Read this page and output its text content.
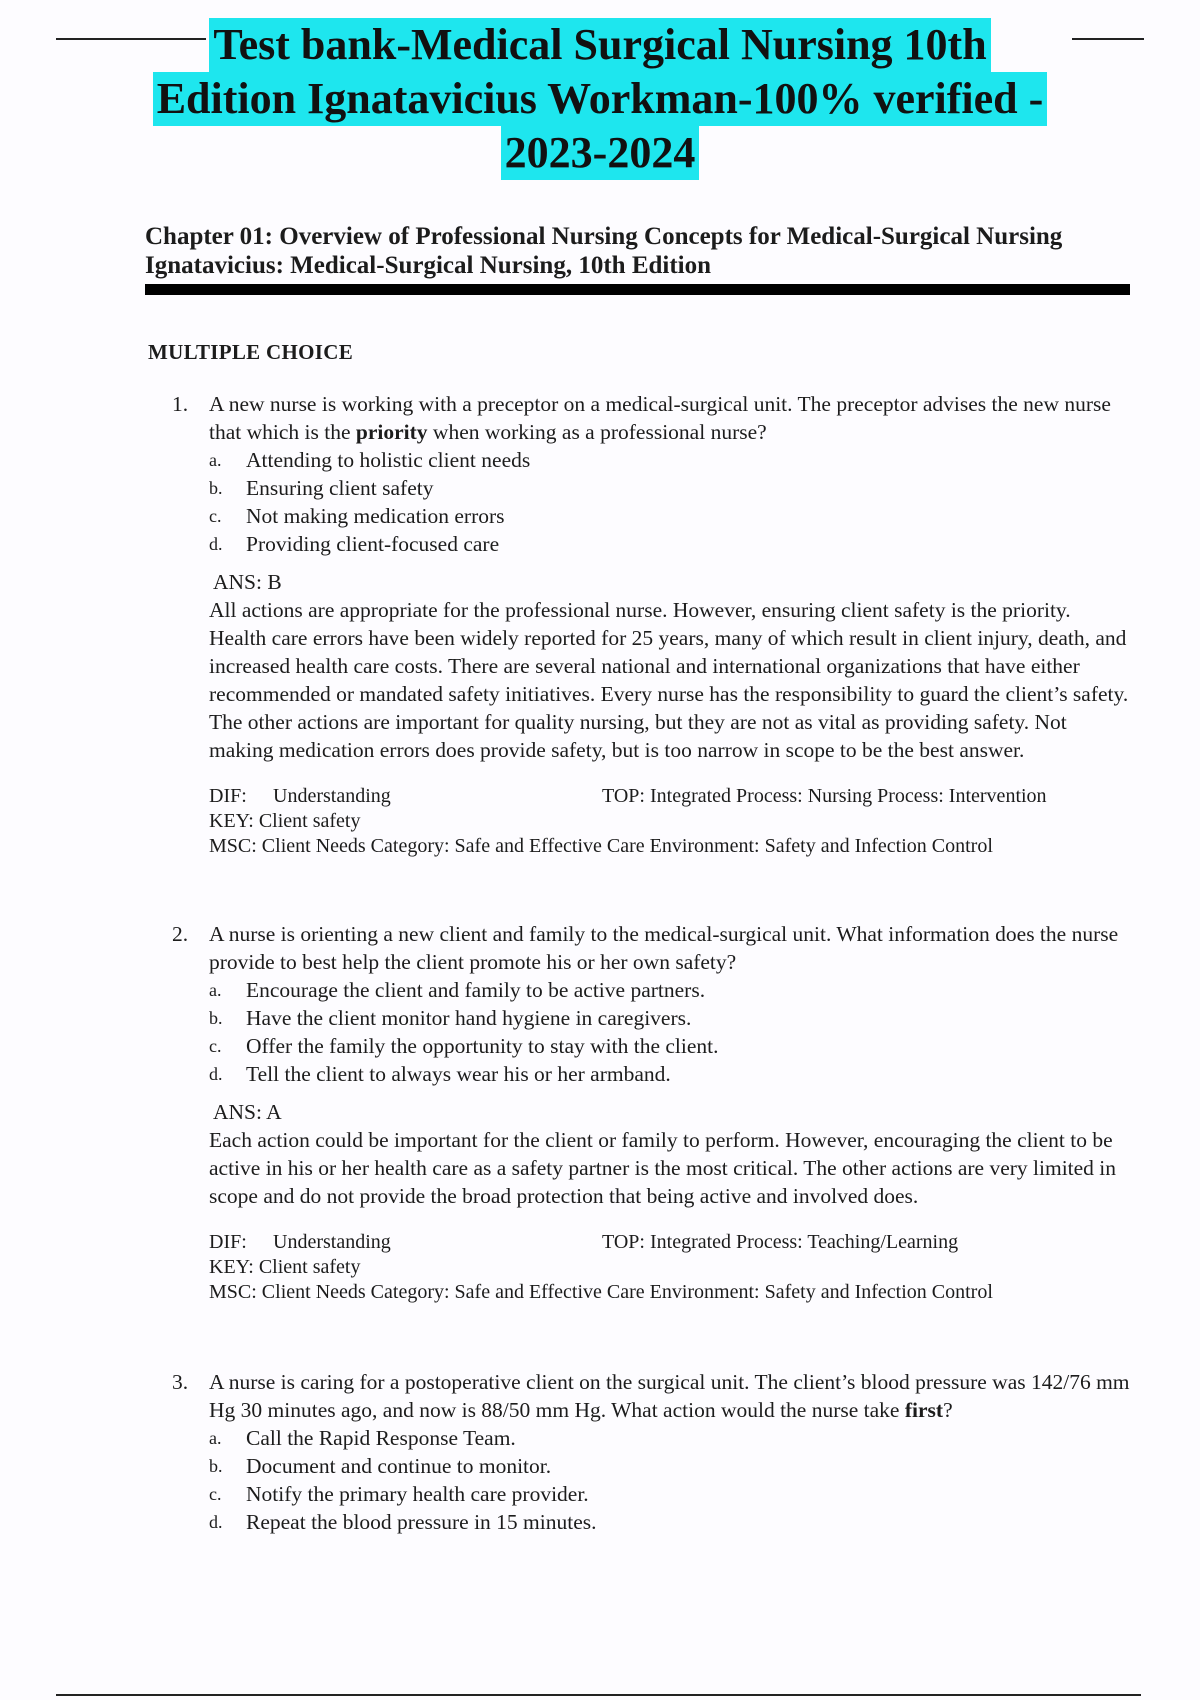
Test bank-Medical Surgical Nursing 10th
Edition Ignatavicius Workman-100% verified -
2023-2024
Chapter 01: Overview of Professional Nursing Concepts for Medical-Surgical Nursing
Ignatavicius: Medical-Surgical Nursing, 10th Edition
MULTIPLE CHOICE
1. A new nurse is working with a preceptor on a medical-surgical unit. The preceptor advises the new nurse that which is the priority when working as a professional nurse?
a. Attending to holistic client needs
b. Ensuring client safety
c. Not making medication errors
d. Providing client-focused care
ANS: B
All actions are appropriate for the professional nurse. However, ensuring client safety is the priority. Health care errors have been widely reported for 25 years, many of which result in client injury, death, and increased health care costs. There are several national and international organizations that have either recommended or mandated safety initiatives. Every nurse has the responsibility to guard the client’s safety. The other actions are important for quality nursing, but they are not as vital as providing safety. Not making medication errors does provide safety, but is too narrow in scope to be the best answer.
DIF: Understanding	TOP: Integrated Process: Nursing Process: Intervention
KEY: Client safety
MSC: Client Needs Category: Safe and Effective Care Environment: Safety and Infection Control
2. A nurse is orienting a new client and family to the medical-surgical unit. What information does the nurse provide to best help the client promote his or her own safety?
a. Encourage the client and family to be active partners.
b. Have the client monitor hand hygiene in caregivers.
c. Offer the family the opportunity to stay with the client.
d. Tell the client to always wear his or her armband.
ANS: A
Each action could be important for the client or family to perform. However, encouraging the client to be active in his or her health care as a safety partner is the most critical. The other actions are very limited in scope and do not provide the broad protection that being active and involved does.
DIF: Understanding	TOP: Integrated Process: Teaching/Learning
KEY: Client safety
MSC: Client Needs Category: Safe and Effective Care Environment: Safety and Infection Control
3. A nurse is caring for a postoperative client on the surgical unit. The client’s blood pressure was 142/76 mm Hg 30 minutes ago, and now is 88/50 mm Hg. What action would the nurse take first?
a. Call the Rapid Response Team.
b. Document and continue to monitor.
c. Notify the primary health care provider.
d. Repeat the blood pressure in 15 minutes.
